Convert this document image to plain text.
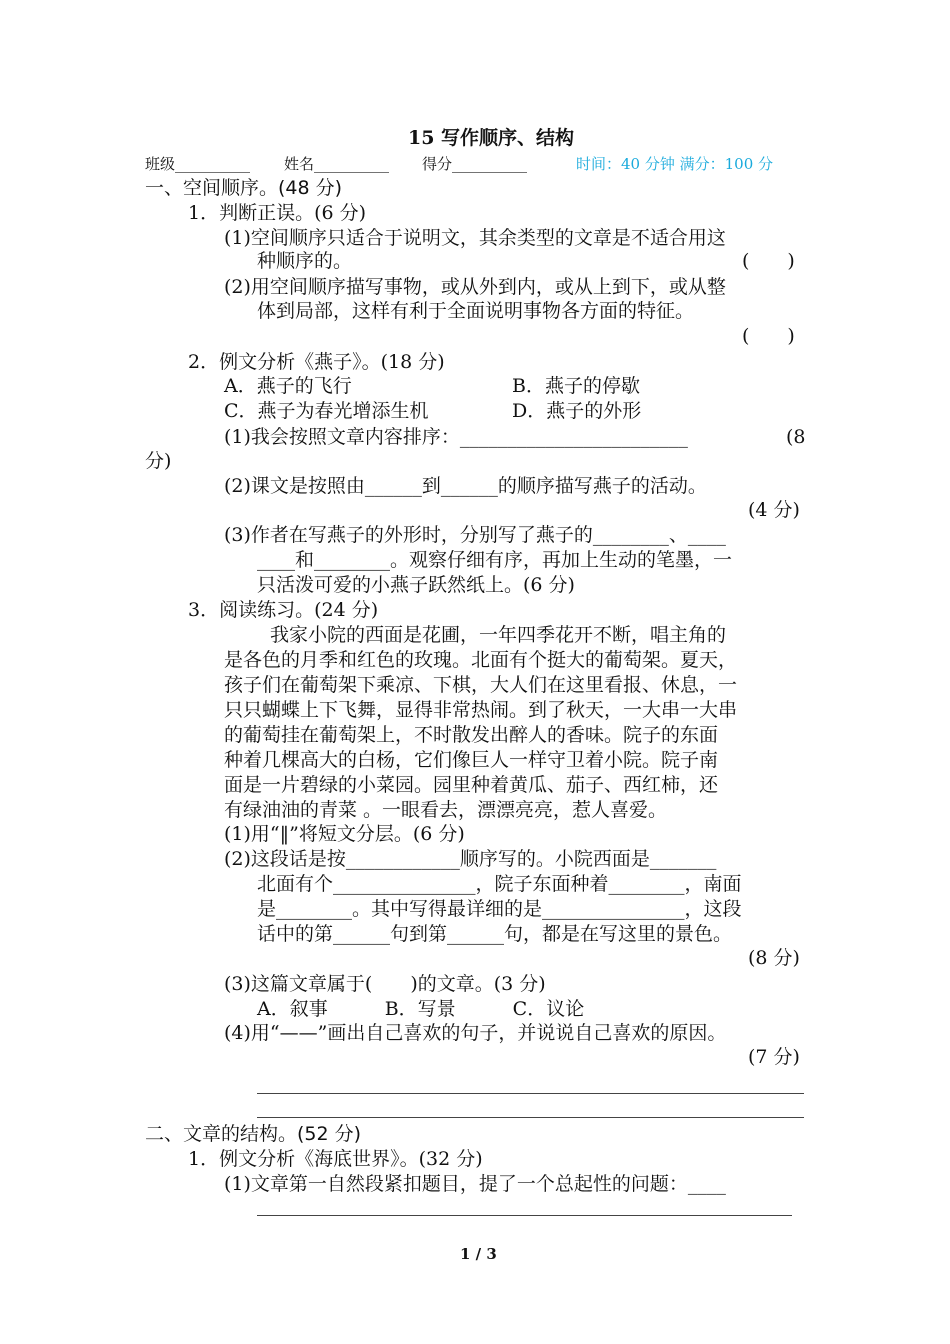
15 写作顺序、结构
班级__________ 姓名__________ 得分__________	时间：40 分钟 满分：100 分
一、空间顺序。(48 分)
1．判断正误。(6 分)
(1)空间顺序只适合于说明文，其余类型的文章是不适合用这
种顺序的。	(　　)
(2)用空间顺序描写事物，或从外到内，或从上到下，或从整
体到局部，这样有利于全面说明事物各方面的特征。
(　　)
2．例文分析《燕子》。(18 分)
A．燕子的飞行	B．燕子的停歇
C．燕子为春光增添生机	D．燕子的外形
(1)我会按照文章内容排序：________________________	(8
分)
(2)课文是按照由______到______的顺序描写燕子的活动。
(4 分)
(3)作者在写燕子的外形时，分别写了燕子的________、____
____和________。观察仔细有序，再加上生动的笔墨，一
只活泼可爱的小燕子跃然纸上。(6 分)
3．阅读练习。(24 分)
我家小院的西面是花圃，一年四季花开不断，唱主角的
是各色的月季和红色的玫瑰。北面有个挺大的葡萄架。夏天，
孩子们在葡萄架下乘凉、下棋，大人们在这里看报、休息，一
只只蝴蝶上下飞舞，显得非常热闹。到了秋天，一大串一大串
的葡萄挂在葡萄架上，不时散发出醉人的香味。院子的东面
种着几棵高大的白杨，它们像巨人一样守卫着小院。院子南
面是一片碧绿的小菜园。园里种着黄瓜、茄子、西红柿，还
有绿油油的青菜 。一眼看去，漂漂亮亮，惹人喜爱。
(1)用“‖”将短文分层。(6 分)
(2)这段话是按____________顺序写的。小院西面是_______
北面有个_______________，院子东面种着________，南面
是________。其中写得最详细的是_______________，这段
话中的第______句到第______句，都是在写这里的景色。
(8 分)
(3)这篇文章属于(　　)的文章。(3 分)
A．叙事　　　B．写景　　　C．议论
(4)用“——”画出自己喜欢的句子，并说说自己喜欢的原因。
(7 分)
二、文章的结构。(52 分)
1．例文分析《海底世界》。(32 分)
(1)文章第一自然段紧扣题目，提了一个总起性的问题：____
1 / 3
